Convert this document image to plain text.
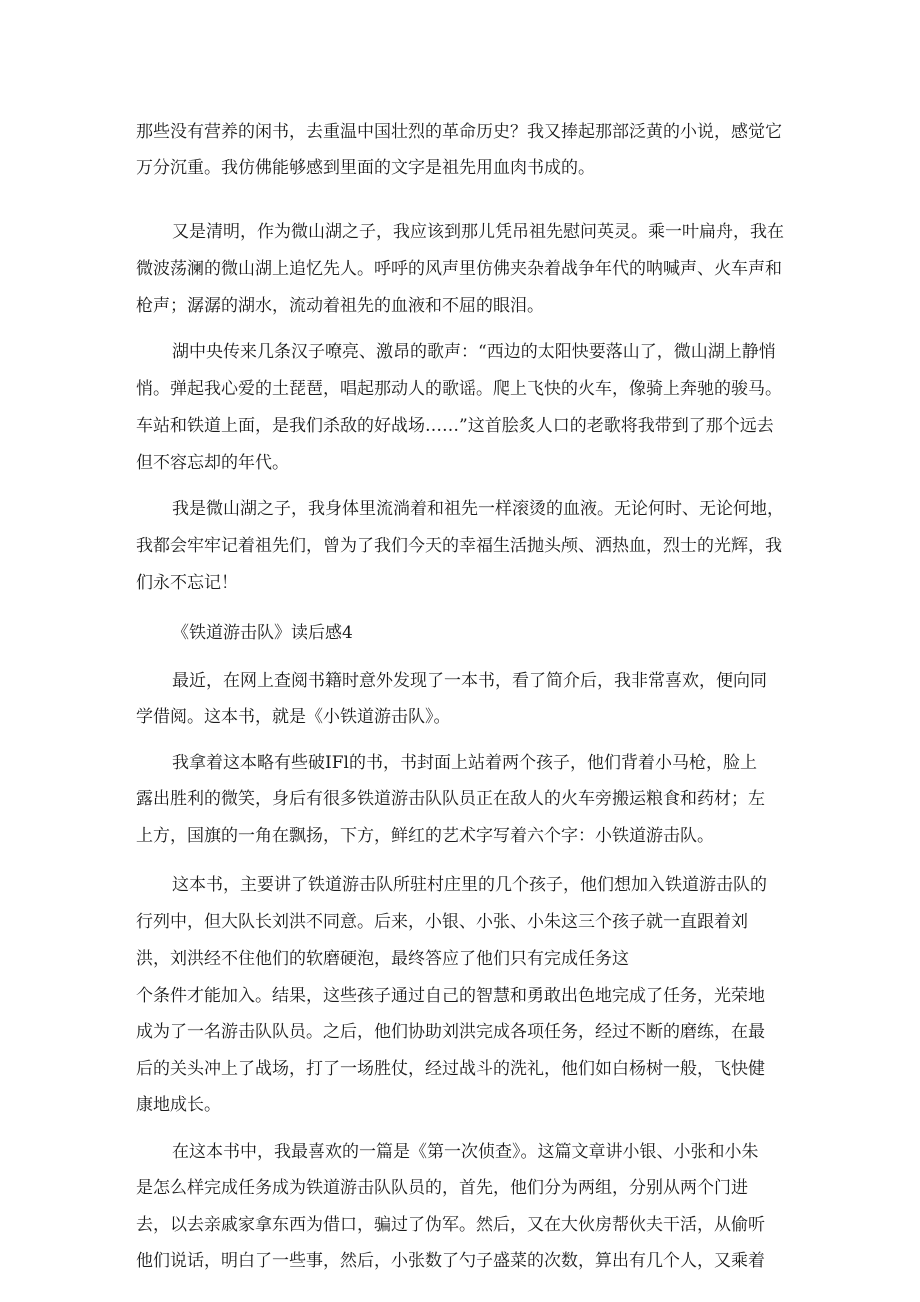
那些没有营养的闲书，去重温中国壮烈的革命历史？我又捧起那部泛黄的小说，感觉它
万分沉重。我仿佛能够感到里面的文字是祖先用血肉书成的。
又是清明，作为微山湖之子，我应该到那儿凭吊祖先慰问英灵。乘一叶扁舟，我在
微波荡澜的微山湖上追忆先人。呼呼的风声里仿佛夹杂着战争年代的呐喊声、火车声和
枪声；潺潺的湖水，流动着祖先的血液和不屈的眼泪。
湖中央传来几条汉子嘹亮、激昂的歌声：“西边的太阳快要落山了，微山湖上静悄
悄。弹起我心爱的土琵琶，唱起那动人的歌谣。爬上飞快的火车，像骑上奔驰的骏马。
车站和铁道上面，是我们杀敌的好战场……”这首脍炙人口的老歌将我带到了那个远去
但不容忘却的年代。
我是微山湖之子，我身体里流淌着和祖先一样滚烫的血液。无论何时、无论何地，
我都会牢牢记着祖先们，曾为了我们今天的幸福生活抛头颅、洒热血，烈士的光辉，我
们永不忘记！
《铁道游击队》读后感4
最近，在网上查阅书籍时意外发现了一本书，看了简介后，我非常喜欢，便向同
学借阅。这本书，就是《小铁道游击队》。
我拿着这本略有些破IFl的书，书封面上站着两个孩子，他们背着小马枪，脸上
露出胜利的微笑，身后有很多铁道游击队队员正在敌人的火车旁搬运粮食和药材；左
上方，国旗的一角在飘扬，下方，鲜红的艺术字写着六个字：小铁道游击队。
这本书，主要讲了铁道游击队所驻村庄里的几个孩子，他们想加入铁道游击队的
行列中，但大队长刘洪不同意。后来，小银、小张、小朱这三个孩子就一直跟着刘
洪，刘洪经不住他们的软磨硬泡，最终答应了他们只有完成任务这
个条件才能加入。结果，这些孩子通过自己的智慧和勇敢出色地完成了任务，光荣地
成为了一名游击队队员。之后，他们协助刘洪完成各项任务，经过不断的磨练，在最
后的关头冲上了战场，打了一场胜仗，经过战斗的洗礼，他们如白杨树一般，飞快健
康地成长。
在这本书中，我最喜欢的一篇是《第一次侦查》。这篇文章讲小银、小张和小朱
是怎么样完成任务成为铁道游击队队员的，首先，他们分为两组，分别从两个门进
去，以去亲戚家拿东西为借口，骗过了伪军。然后，又在大伙房帮伙夫干活，从偷听
他们说话，明白了一些事，然后，小张数了勺子盛菜的次数，算出有几个人，又乘着
